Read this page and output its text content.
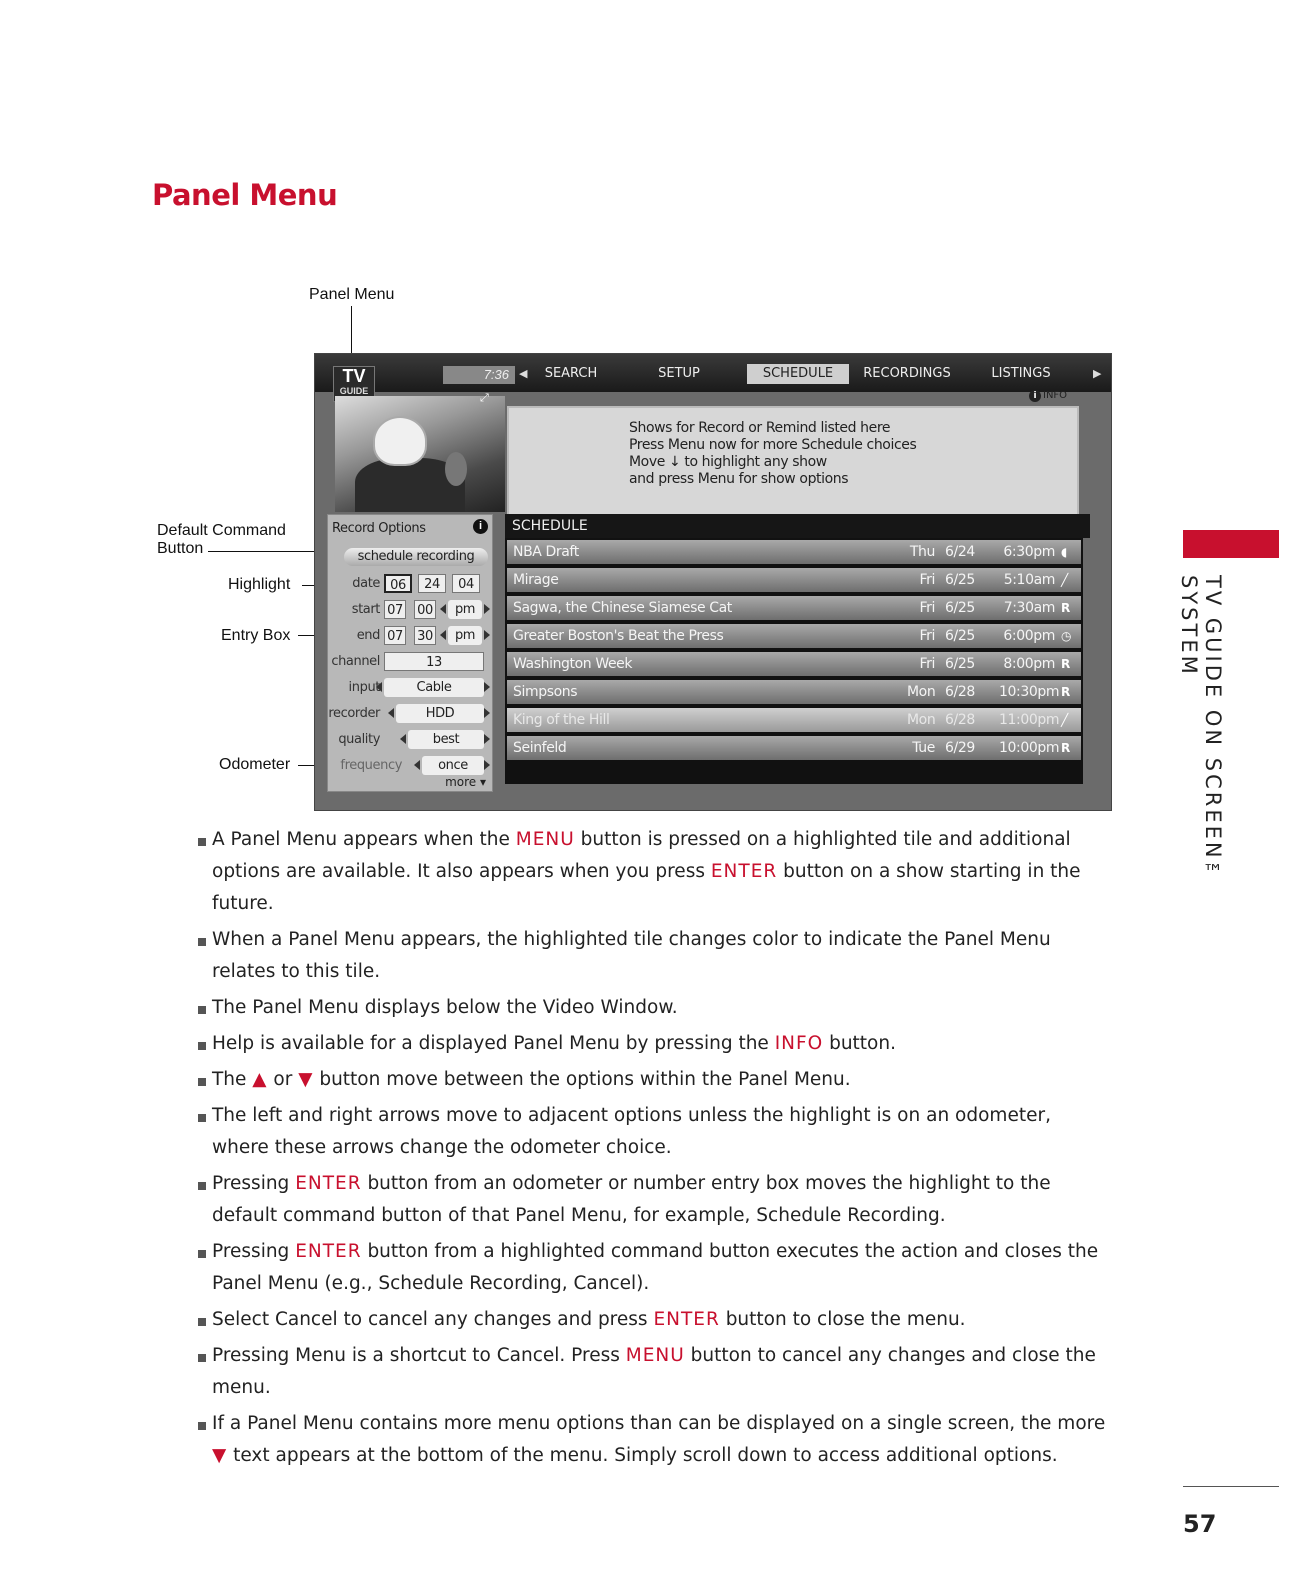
Panel Menu
TV GUIDE ON SCREEN™ SYSTEM
57
Panel Menu
Default Command
Button
Highlight
Entry Box
Odometer
TV
GUIDE
7:36 ◀	SEARCH	SETUP	SCHEDULE	RECORDINGS	LISTINGS	▶
⤢	i INFO
Shows for Record or Remind listed here
Press Menu now for more Schedule choices
Move ↓ to highlight any show
and press Menu for show options
Record Options	i
schedule recording
date 06	24	04
start 07 00	pm
end 07 30	pm
channel	13
input	Cable
recorder	HDD
quality	best
frequency	once
more ▾
SCHEDULE
NBA Draft	Thu 6/24	6:30pm ◖
Mirage	Fri 6/25	5:10am ╱
Sagwa, the Chinese Siamese Cat	Fri 6/25	7:30am R
Greater Boston's Beat the Press	Fri 6/25	6:00pm ◷
Washington Week	Fri 6/25	8:00pm R
Simpsons	Mon 6/28 10:30pm R
King of the Hill	Mon 6/28 11:00pm ╱
Seinfeld	Tue 6/29 10:00pm R
A Panel Menu appears when the MENU button is pressed on a highlighted tile and additional options are available. It also appears when you press ENTER button on a show starting in the future.
When a Panel Menu appears, the highlighted tile changes color to indicate the Panel Menu relates to this tile.
The Panel Menu displays below the Video Window.
Help is available for a displayed Panel Menu by pressing the INFO button.
The ▲ or ▼ button move between the options within the Panel Menu.
The left and right arrows move to adjacent options unless the highlight is on an odometer, where these arrows change the odometer choice.
Pressing ENTER button from an odometer or number entry box moves the highlight to the default command button of that Panel Menu, for example, Schedule Recording.
Pressing ENTER button from a highlighted command button executes the action and closes the Panel Menu (e.g., Schedule Recording, Cancel).
Select Cancel to cancel any changes and press ENTER button to close the menu.
Pressing Menu is a shortcut to Cancel. Press MENU button to cancel any changes and close the menu.
If a Panel Menu contains more menu options than can be displayed on a single screen, the more ▼ text appears at the bottom of the menu. Simply scroll down to access additional options.
